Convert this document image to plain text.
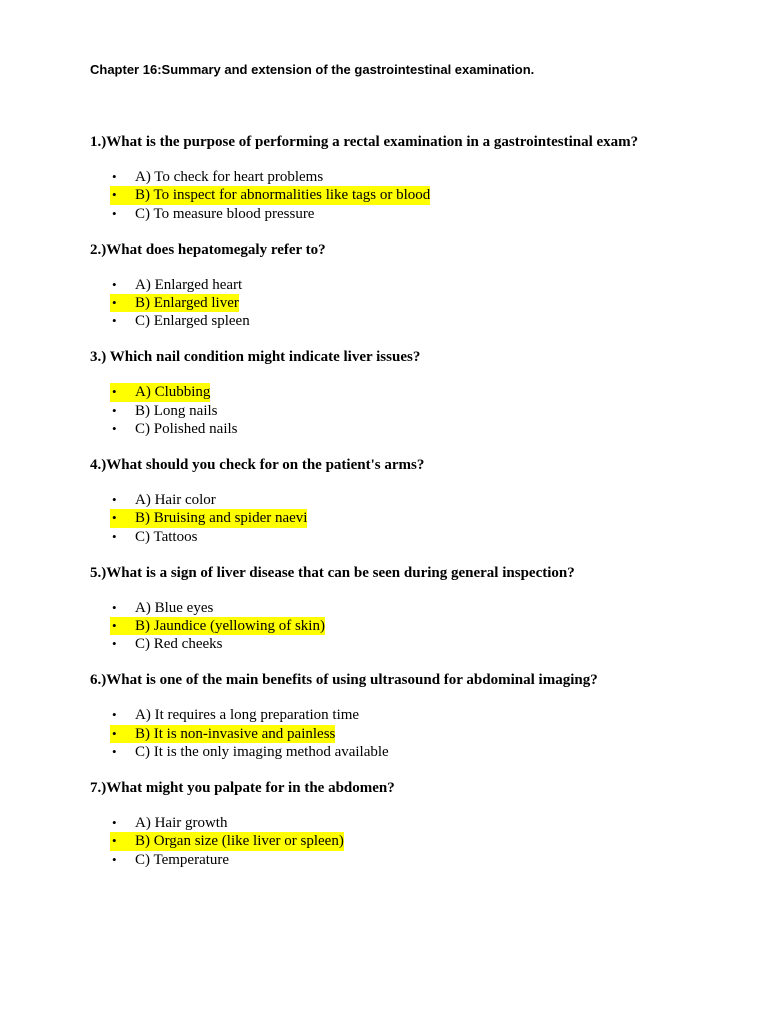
Chapter 16:Summary and extension of the gastrointestinal examination.
1.)What is the purpose of performing a rectal examination in a gastrointestinal exam?
• A) To check for heart problems
• B) To inspect for abnormalities like tags or blood
• C) To measure blood pressure
2.)What does hepatomegaly refer to?
• A) Enlarged heart
• B) Enlarged liver
• C) Enlarged spleen
3.) Which nail condition might indicate liver issues?
• A) Clubbing
• B) Long nails
• C) Polished nails
4.)What should you check for on the patient's arms?
• A) Hair color
• B) Bruising and spider naevi
• C) Tattoos
5.)What is a sign of liver disease that can be seen during general inspection?
• A) Blue eyes
• B) Jaundice (yellowing of skin)
• C) Red cheeks
6.)What is one of the main benefits of using ultrasound for abdominal imaging?
• A) It requires a long preparation time
• B) It is non-invasive and painless
• C) It is the only imaging method available
7.)What might you palpate for in the abdomen?
• A) Hair growth
• B) Organ size (like liver or spleen)
• C) Temperature
